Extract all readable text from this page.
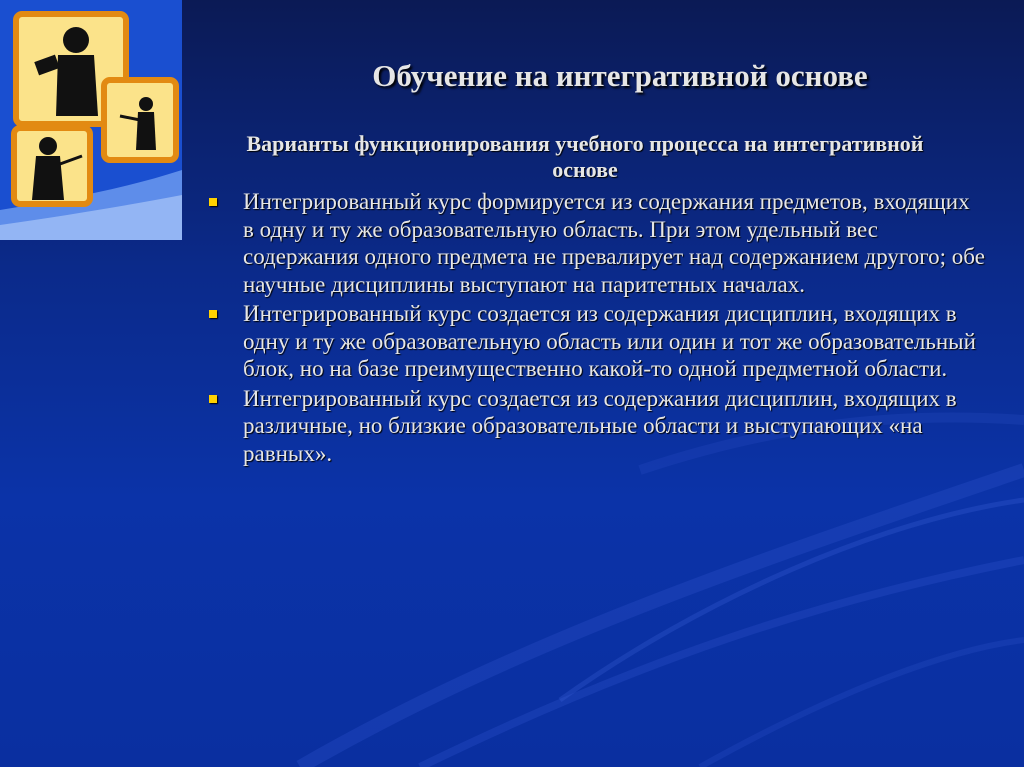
Обучение на интегративной основе
Варианты функционирования учебного процесса на интегративной основе
Интегрированный курс формируется из содержания предметов, входящих в одну и ту же образовательную область. При этом удельный вес содержания одного предмета не превалирует над содержанием другого; обе научные дисциплины выступают на паритетных началах.
Интегрированный курс создается из содержания дисциплин, входящих в одну и ту же образовательную область или один и тот же образовательный блок, но на базе преимущественно какой-то одной предметной области.
Интегрированный курс создается из содержания дисциплин, входящих в различные, но близкие образовательные области и выступающих «на равных».
